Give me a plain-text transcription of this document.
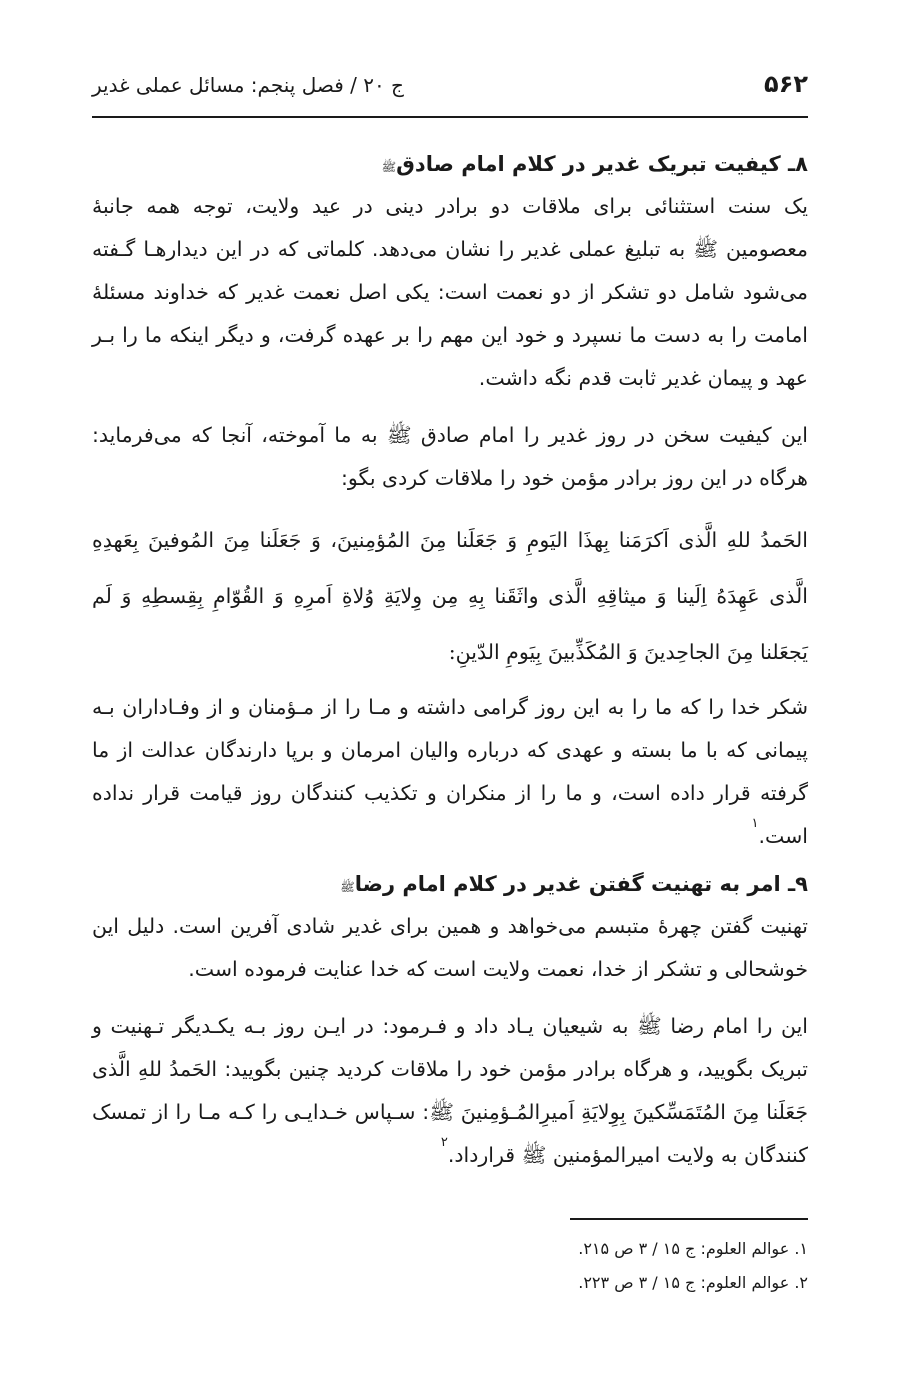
۵۶۲
ج ۲۰ / فصل پنجم: مسائل عملی غدیر
۸ـ کیفیت تبریک غدیر در کلام امام صادقﷺ

یک سنت استثنائی برای ملاقات دو برادر دینی در عید ولایت، توجه همه جانبهٔ معصومین ﷺ به تبلیغ عملی غدیر را نشان می‌دهد. کلماتی که در این دیدارهـا گـفته می‌شود شامل دو تشکر از دو نعمت است: یکی اصل نعمت غدیر که خداوند مسئلهٔ امامت را به دست ما نسپرد و خود این مهم را بر عهده گرفت، و دیگر اینکه ما را بـر عهد و پیمان غدیر ثابت قدم نگه داشت.

این کیفیت سخن در روز غدیر را امام صادق ﷺ به ما آموخته، آنجا که می‌فرماید: هرگاه در این روز برادر مؤمن خود را ملاقات کردی بگو:

الحَمدُ للهِ الَّذی اَکرَمَنا بِهذَا الیَومِ وَ جَعَلَنا مِنَ المُؤمِنینَ، وَ جَعَلَنا مِنَ المُوفینَ بِعَهدِهِ الَّذی عَهِدَهُ اِلَینا وَ میثاقِهِ الَّذی واثَقَنا بِهِ مِن وِلایَةِ وُلاةِ اَمرِهِ وَ القُوّامِ بِقِسطِهِ وَ لَم یَجعَلنا مِنَ الجاحِدینَ وَ المُکَذِّبینَ بِیَومِ الدّینِ:

شکر خدا را که ما را به این روز گرامی داشته و مـا را از مـؤمنان و از وفـاداران بـه پیمانی که با ما بسته و عهدی که درباره والیان امرمان و برپا دارندگان عدالت از ما گرفته قرار داده است، و ما را از منکران و تکذیب کنندگان روز قیامت قرار نداده است.$^۱$

۹ـ امر به تهنیت گفتن غدیر در کلام امام رضاﷺ

تهنیت گفتن چهرهٔ متبسم می‌خواهد و همین برای غدیر شادی آفرین است. دلیل این خوشحالی و تشکر از خدا، نعمت ولایت است که خدا عنایت فرموده است.

این را امام رضا ﷺ به شیعیان یـاد داد و فـرمود: در ایـن روز بـه یکـدیگر تـهنیت و تبریک بگویید، و هرگاه برادر مؤمن خود را ملاقات کردید چنین بگویید: الحَمدُ للهِ الَّذی جَعَلَنا مِنَ المُتَمَسِّکینَ بِوِلایَةِ اَمیرِالمُـؤمِنینَ ﷺ: سـپاس خـدایـی را کـه مـا را از تمسک کنندگان به ولایت امیرالمؤمنین ﷺ قرارداد.$^۲$

۱. عوالم العلوم: ج ۱۵ / ۳ ص ۲۱۵.
۲. عوالم العلوم: ج ۱۵ / ۳ ص ۲۲۳.
